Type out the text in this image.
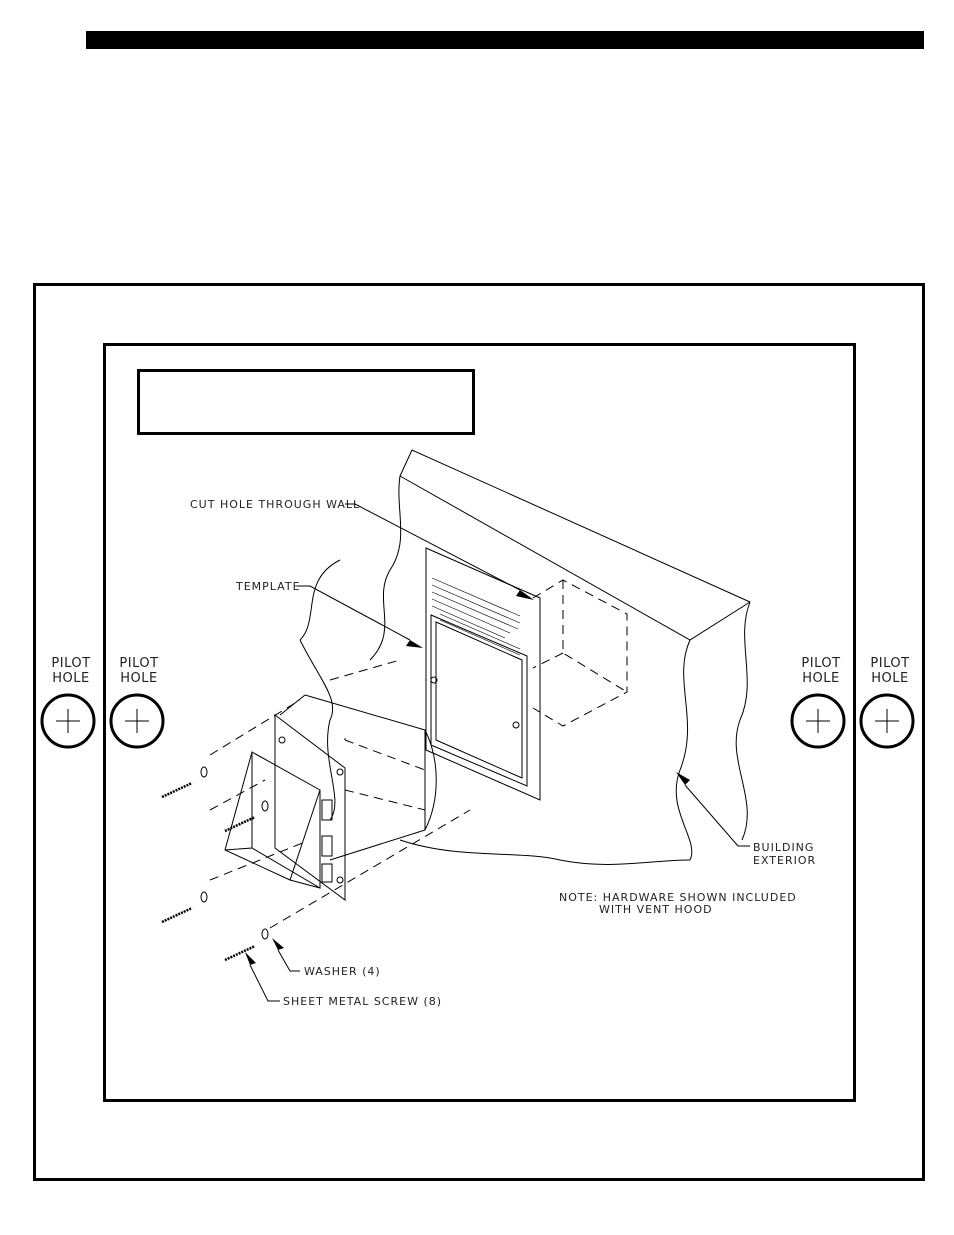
PILOT
HOLE
PILOT
HOLE
PILOT
HOLE
PILOT
HOLE
CUT HOLE THROUGH WALL
TEMPLATE
BUILDING
EXTERIOR
NOTE: HARDWARE SHOWN INCLUDED
WITH VENT HOOD
WASHER (4)
SHEET METAL SCREW (8)
